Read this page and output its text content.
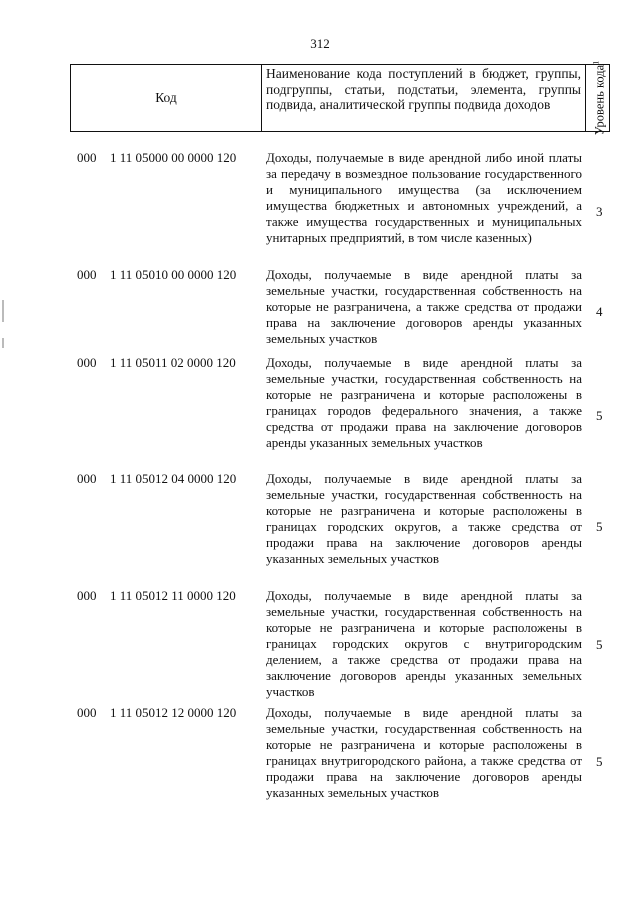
312
Код
Наименование кода поступлений в бюджет, группы, подгруппы, статьи, подстатьи, элемента, группы подвида, аналитической группы подвида доходов	Уровень кода$^1$
000 1 11 05000 00 0000 120 Доходы, получаемые в виде арендной либо иной платы за передачу в возмездное пользование государственного и муниципального имущества (за исключением имущества бюджетных и автономных учреждений, а также имущества государственных и муниципальных унитарных предприятий, в том числе казенных)
3
000 1 11 05010 00 0000 120 Доходы, получаемые в виде арендной платы за земельные участки, государственная собственность на которые не разграничена, а также средства от продажи права на заключение договоров аренды указанных земельных участков
4
000 1 11 05011 02 0000 120 Доходы, получаемые в виде арендной платы за земельные участки, государственная собственность на которые не разграничена и которые расположены в границах городов федерального значения, а также средства от продажи права на заключение договоров аренды указанных земельных участков
5
000 1 11 05012 04 0000 120 Доходы, получаемые в виде арендной платы за земельные участки, государственная собственность на которые не разграничена и которые расположены в границах городских округов, а также средства от продажи права на заключение договоров аренды указанных земельных участков
5
000 1 11 05012 11 0000 120 Доходы, получаемые в виде арендной платы за земельные участки, государственная собственность на которые не разграничена и которые расположены в границах городских округов с внутригородским делением, а также средства от продажи права на заключение договоров аренды указанных земельных участков
5
000 1 11 05012 12 0000 120 Доходы, получаемые в виде арендной платы за земельные участки, государственная собственность на которые не разграничена и которые расположены в границах внутригородского района, а также средства от продажи права на заключение договоров аренды указанных земельных участков
5
